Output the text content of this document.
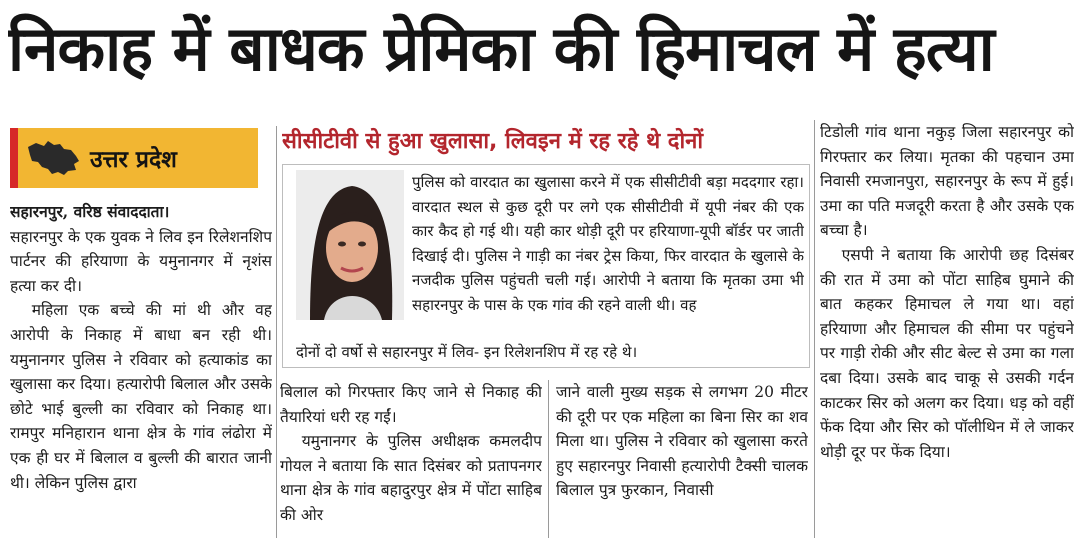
निकाह में बाधक प्रेमिका की हिमाचल में हत्या
उत्तर प्रदेश

सहारनपुर, वरिष्ठ संवाददाता।

सहारनपुर के एक युवक ने लिव इन रिलेशनशिप पार्टनर की हरियाणा के यमुनानगर में नृशंस हत्या कर दी।

महिला एक बच्चे की मां थी और वह आरोपी के निकाह में बाधा बन रही थी। यमुनानगर पुलिस ने रविवार को हत्याकांड का खुलासा कर दिया। हत्यारोपी बिलाल और उसके छोटे भाई बुल्ली का रविवार को निकाह था। रामपुर मनिहारान थाना क्षेत्र के गांव लंढोरा में एक ही घर में बिलाल व बुल्ली की बारात जानी थी। लेकिन पुलिस द्वारा

सीसीटीवी से हुआ खुलासा, लिवइन में रह रहे थे दोनों
पुलिस को वारदात का खुलासा करने में एक सीसीटीवी बड़ा मददगार रहा। वारदात स्थल से कुछ दूरी पर लगे एक सीसीटीवी में यूपी नंबर की एक कार कैद हो गई थी। यही कार थोड़ी दूरी पर हरियाणा-यूपी बॉर्डर पर जाती दिखाई दी। पुलिस ने गाड़ी का नंबर ट्रेस किया, फिर वारदात के खुलासे के नजदीक पुलिस पहुंचती चली गई। आरोपी ने बताया कि मृतका उमा भी सहारनपुर के पास के एक गांव की रहने वाली थी। वह
दोनों दो वर्षो से सहारनपुर में लिव- इन रिलेशनशिप में रह रहे थे।

बिलाल को गिरफ्तार किए जाने से निकाह की तैयारियां धरी रह गईं।

यमुनानगर के पुलिस अधीक्षक कमलदीप गोयल ने बताया कि सात दिसंबर को प्रतापनगर थाना क्षेत्र के गांव बहादुरपुर क्षेत्र में पोंटा साहिब की ओर

जाने वाली मुख्य सड़क से लगभग 20 मीटर की दूरी पर एक महिला का बिना सिर का शव मिला था। पुलिस ने रविवार को खुलासा करते हुए सहारनपुर निवासी हत्यारोपी टैक्सी चालक बिलाल पुत्र फुरकान, निवासी

टिडोली गांव थाना नकुड़ जिला सहारनपुर को गिरफ्तार कर लिया। मृतका की पहचान उमा निवासी रमजानपुरा, सहारनपुर के रूप में हुई। उमा का पति मजदूरी करता है और उसके एक बच्चा है।

एसपी ने बताया कि आरोपी छह दिसंबर की रात में उमा को पोंटा साहिब घुमाने की बात कहकर हिमाचल ले गया था। वहां हरियाणा और हिमाचल की सीमा पर पहुंचने पर गाड़ी रोकी और सीट बेल्ट से उमा का गला दबा दिया। उसके बाद चाकू से उसकी गर्दन काटकर सिर को अलग कर दिया। धड़ को वहीं फेंक दिया और सिर को पॉलीथिन में ले जाकर थोड़ी दूर पर फेंक दिया।
